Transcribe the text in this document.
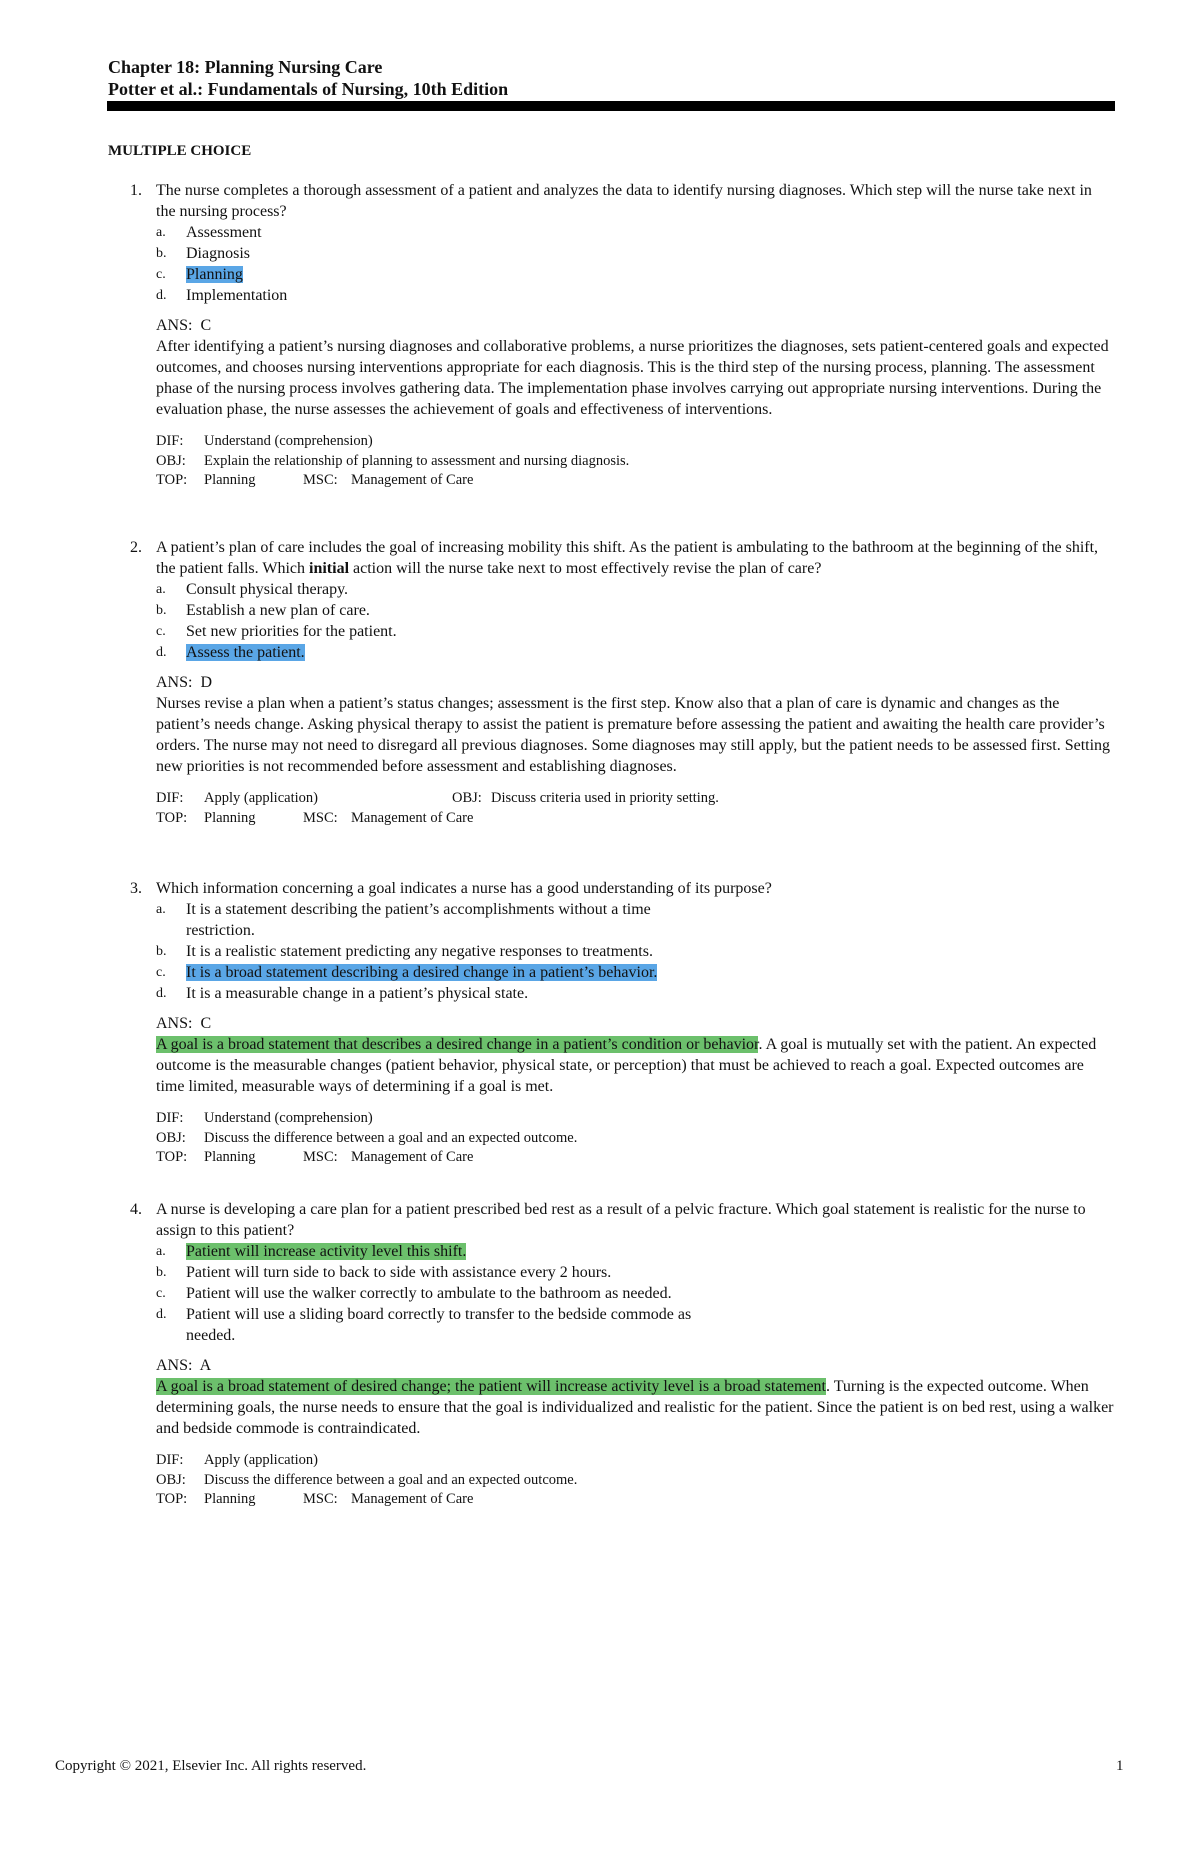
Chapter 18: Planning Nursing Care
Potter et al.: Fundamentals of Nursing, 10th Edition
MULTIPLE CHOICE
1. The nurse completes a thorough assessment of a patient and analyzes the data to identify nursing diagnoses. Which step will the nurse take next in the nursing process?

a. Assessment
b. Diagnosis
c. Planning
d. Implementation
ANS: C

After identifying a patient’s nursing diagnoses and collaborative problems, a nurse prioritizes the diagnoses, sets patient-centered goals and expected outcomes, and chooses nursing interventions appropriate for each diagnosis. This is the third step of the nursing process, planning. The assessment phase of the nursing process involves gathering data. The implementation phase involves carrying out appropriate nursing interventions. During the evaluation phase, the nurse assesses the achievement of goals and effectiveness of interventions.

DIF: Understand (comprehension)
OBJ: Explain the relationship of planning to assessment and nursing diagnosis.
TOP: Planning	MSC: Management of Care
2. A patient’s plan of care includes the goal of increasing mobility this shift. As the patient is ambulating to the bathroom at the beginning of the shift, the patient falls. Which initial action will the nurse take next to most effectively revise the plan of care?

a. Consult physical therapy.
b. Establish a new plan of care.
c. Set new priorities for the patient.
d. Assess the patient.
ANS: D

Nurses revise a plan when a patient’s status changes; assessment is the first step. Know also that a plan of care is dynamic and changes as the patient’s needs change. Asking physical therapy to assist the patient is premature before assessing the patient and awaiting the health care provider’s orders. The nurse may not need to disregard all previous diagnoses. Some diagnoses may still apply, but the patient needs to be assessed first. Setting new priorities is not recommended before assessment and establishing diagnoses.

DIF: Apply (application)	OBJ: Discuss criteria used in priority setting.
TOP: Planning	MSC: Management of Care
3. Which information concerning a goal indicates a nurse has a good understanding of its purpose?

a. It is a statement describing the patient’s accomplishments without a time
restriction.
b. It is a realistic statement predicting any negative responses to treatments.
c. It is a broad statement describing a desired change in a patient’s behavior.
d. It is a measurable change in a patient’s physical state.
ANS: C

A goal is a broad statement that describes a desired change in a patient’s condition or behavior. A goal is mutually set with the patient. An expected outcome is the measurable changes (patient behavior, physical state, or perception) that must be achieved to reach a goal. Expected outcomes are time limited, measurable ways of determining if a goal is met.

DIF: Understand (comprehension)
OBJ: Discuss the difference between a goal and an expected outcome.
TOP: Planning	MSC: Management of Care
4. A nurse is developing a care plan for a patient prescribed bed rest as a result of a pelvic fracture. Which goal statement is realistic for the nurse to assign to this patient?

a. Patient will increase activity level this shift.
b. Patient will turn side to back to side with assistance every 2 hours.
c. Patient will use the walker correctly to ambulate to the bathroom as needed.
d. Patient will use a sliding board correctly to transfer to the bedside commode as
needed.
ANS: A

A goal is a broad statement of desired change; the patient will increase activity level is a broad statement. Turning is the expected outcome. When determining goals, the nurse needs to ensure that the goal is individualized and realistic for the patient. Since the patient is on bed rest, using a walker and bedside commode is contraindicated.

DIF: Apply (application)
OBJ: Discuss the difference between a goal and an expected outcome.
TOP: Planning	MSC: Management of Care
Copyright © 2021, Elsevier Inc. All rights reserved.	1
